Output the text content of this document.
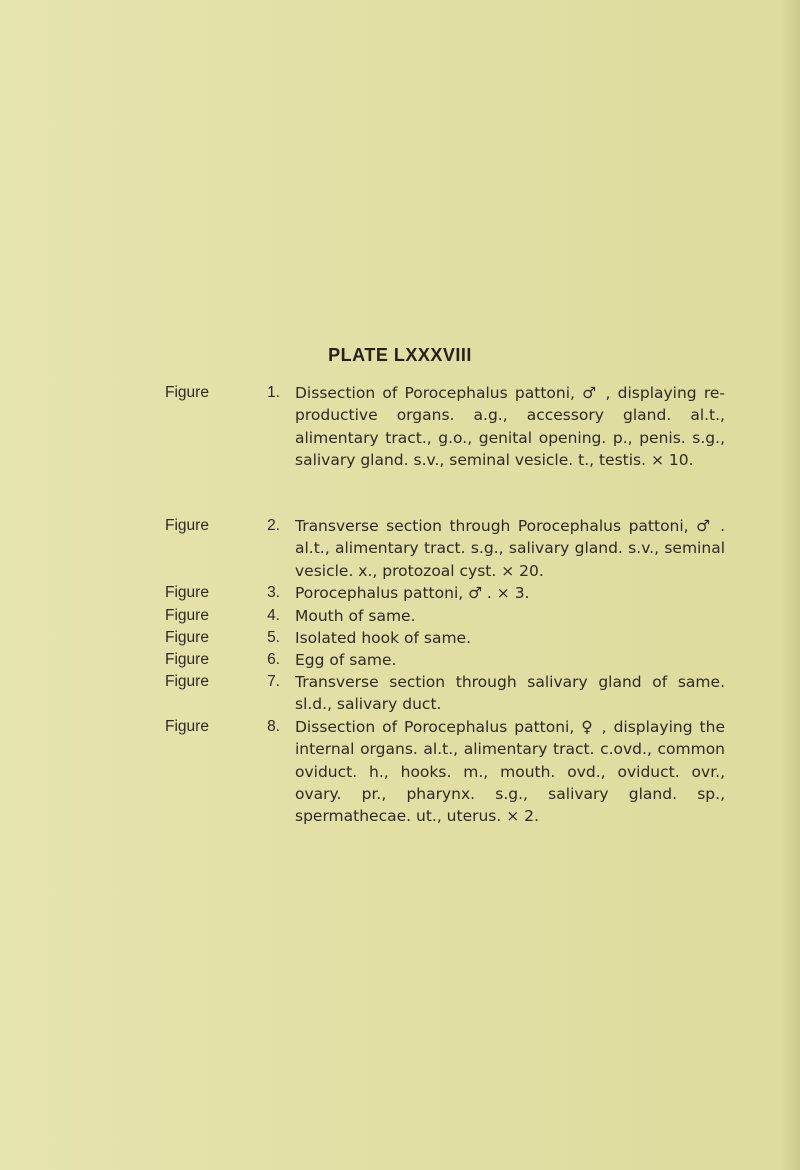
PLATE LXXXVIII
Figure	1. Dissection of Porocephalus pattoni, ♂ , displaying re-productive organs. a.g., accessory gland. al.t., alimentary tract., g.o., genital opening. p., penis. s.g., salivary gland. s.v., seminal vesicle. t., testis. × 10.
Figure	2. Transverse section through Porocephalus pattoni, ♂ . al.t., alimentary tract. s.g., salivary gland. s.v., seminal vesicle. x., protozoal cyst. × 20.
Figure	3. Porocephalus pattoni, ♂ . × 3.
Figure	4. Mouth of same.
Figure	5. Isolated hook of same.
Figure	6. Egg of same.
Figure	7. Transverse section through salivary gland of same. sl.d., salivary duct.
Figure	8. Dissection of Porocephalus pattoni, ♀ , displaying the internal organs. al.t., alimentary tract. c.ovd., common oviduct. h., hooks. m., mouth. ovd., oviduct. ovr., ovary. pr., pharynx. s.g., salivary gland. sp., spermathecae. ut., uterus. × 2.
